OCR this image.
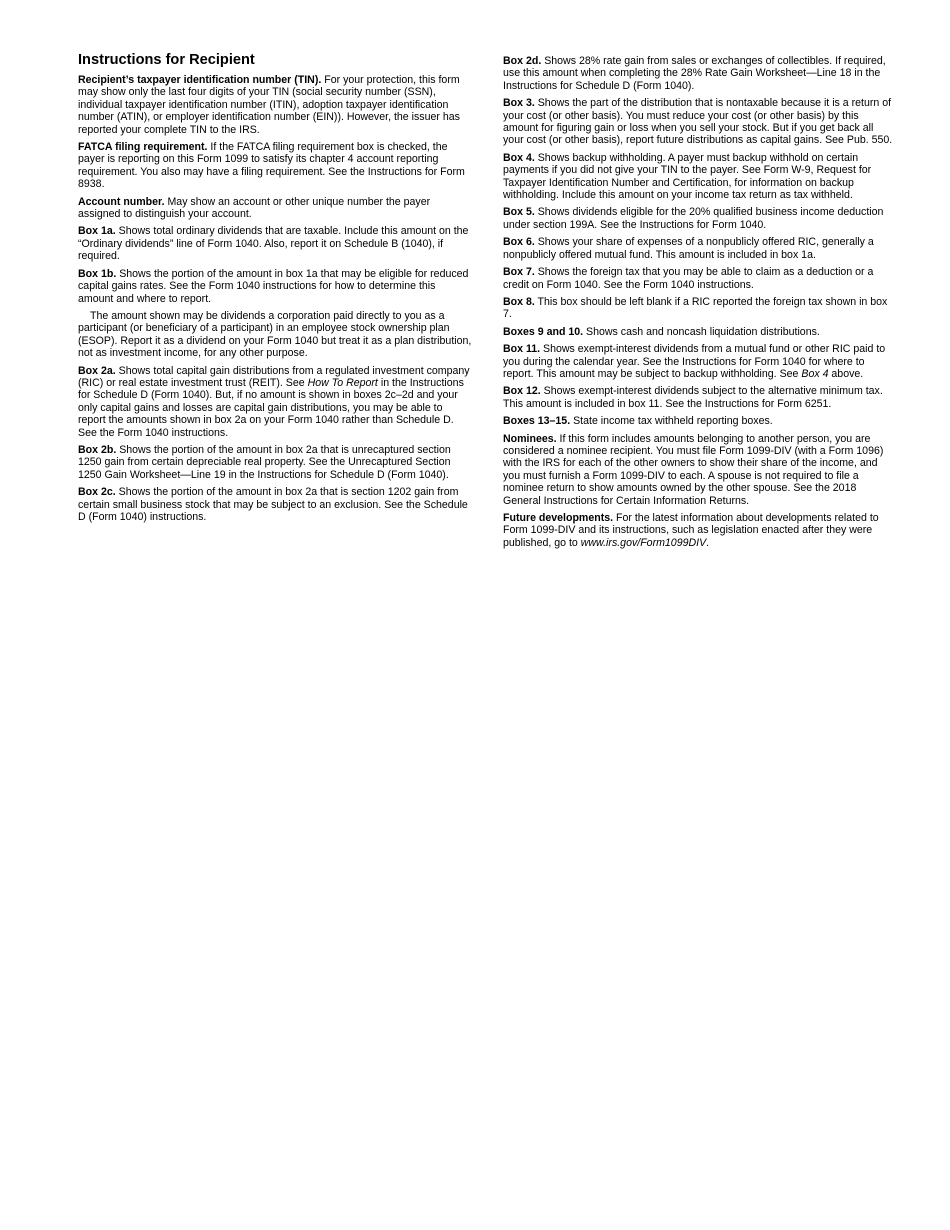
Instructions for Recipient

Recipient’s taxpayer identification number (TIN). For your protection, this form may show only the last four digits of your TIN (social security number (SSN), individual taxpayer identification number (ITIN), adoption taxpayer identification number (ATIN), or employer identification number (EIN)). However, the issuer has reported your complete TIN to the IRS.

FATCA filing requirement. If the FATCA filing requirement box is checked, the payer is reporting on this Form 1099 to satisfy its chapter 4 account reporting requirement. You also may have a filing requirement. See the Instructions for Form 8938.

Account number. May show an account or other unique number the payer assigned to distinguish your account.

Box 1a. Shows total ordinary dividends that are taxable. Include this amount on the “Ordinary dividends” line of Form 1040. Also, report it on Schedule B (1040), if required.

Box 1b. Shows the portion of the amount in box 1a that may be eligible for reduced capital gains rates. See the Form 1040 instructions for how to determine this amount and where to report.

The amount shown may be dividends a corporation paid directly to you as a participant (or beneficiary of a participant) in an employee stock ownership plan (ESOP). Report it as a dividend on your Form 1040 but treat it as a plan distribution, not as investment income, for any other purpose.

Box 2a. Shows total capital gain distributions from a regulated investment company (RIC) or real estate investment trust (REIT). See How To Report in the Instructions for Schedule D (Form 1040). But, if no amount is shown in boxes 2c–2d and your only capital gains and losses are capital gain distributions, you may be able to report the amounts shown in box 2a on your Form 1040 rather than Schedule D. See the Form 1040 instructions.

Box 2b. Shows the portion of the amount in box 2a that is unrecaptured section 1250 gain from certain depreciable real property. See the Unrecaptured Section 1250 Gain Worksheet—Line 19 in the Instructions for Schedule D (Form 1040).

Box 2c. Shows the portion of the amount in box 2a that is section 1202 gain from certain small business stock that may be subject to an exclusion. See the Schedule D (Form 1040) instructions.

Box 2d. Shows 28% rate gain from sales or exchanges of collectibles. If required, use this amount when completing the 28% Rate Gain Worksheet—Line 18 in the Instructions for Schedule D (Form 1040).

Box 3. Shows the part of the distribution that is nontaxable because it is a return of your cost (or other basis). You must reduce your cost (or other basis) by this amount for figuring gain or loss when you sell your stock. But if you get back all your cost (or other basis), report future distributions as capital gains. See Pub. 550.

Box 4. Shows backup withholding. A payer must backup withhold on certain payments if you did not give your TIN to the payer. See Form W-9, Request for Taxpayer Identification Number and Certification, for information on backup withholding. Include this amount on your income tax return as tax withheld.

Box 5. Shows dividends eligible for the 20% qualified business income deduction under section 199A. See the Instructions for Form 1040.

Box 6. Shows your share of expenses of a nonpublicly offered RIC, generally a nonpublicly offered mutual fund. This amount is included in box 1a.

Box 7. Shows the foreign tax that you may be able to claim as a deduction or a credit on Form 1040. See the Form 1040 instructions.

Box 8. This box should be left blank if a RIC reported the foreign tax shown in box 7.

Boxes 9 and 10. Shows cash and noncash liquidation distributions.

Box 11. Shows exempt-interest dividends from a mutual fund or other RIC paid to you during the calendar year. See the Instructions for Form 1040 for where to report. This amount may be subject to backup withholding. See Box 4 above.

Box 12. Shows exempt-interest dividends subject to the alternative minimum tax. This amount is included in box 11. See the Instructions for Form 6251.

Boxes 13–15. State income tax withheld reporting boxes.

Nominees. If this form includes amounts belonging to another person, you are considered a nominee recipient. You must file Form 1099-DIV (with a Form 1096) with the IRS for each of the other owners to show their share of the income, and you must furnish a Form 1099-DIV to each. A spouse is not required to file a nominee return to show amounts owned by the other spouse. See the 2018 General Instructions for Certain Information Returns.

Future developments. For the latest information about developments related to Form 1099-DIV and its instructions, such as legislation enacted after they were published, go to www.irs.gov/Form1099DIV.
